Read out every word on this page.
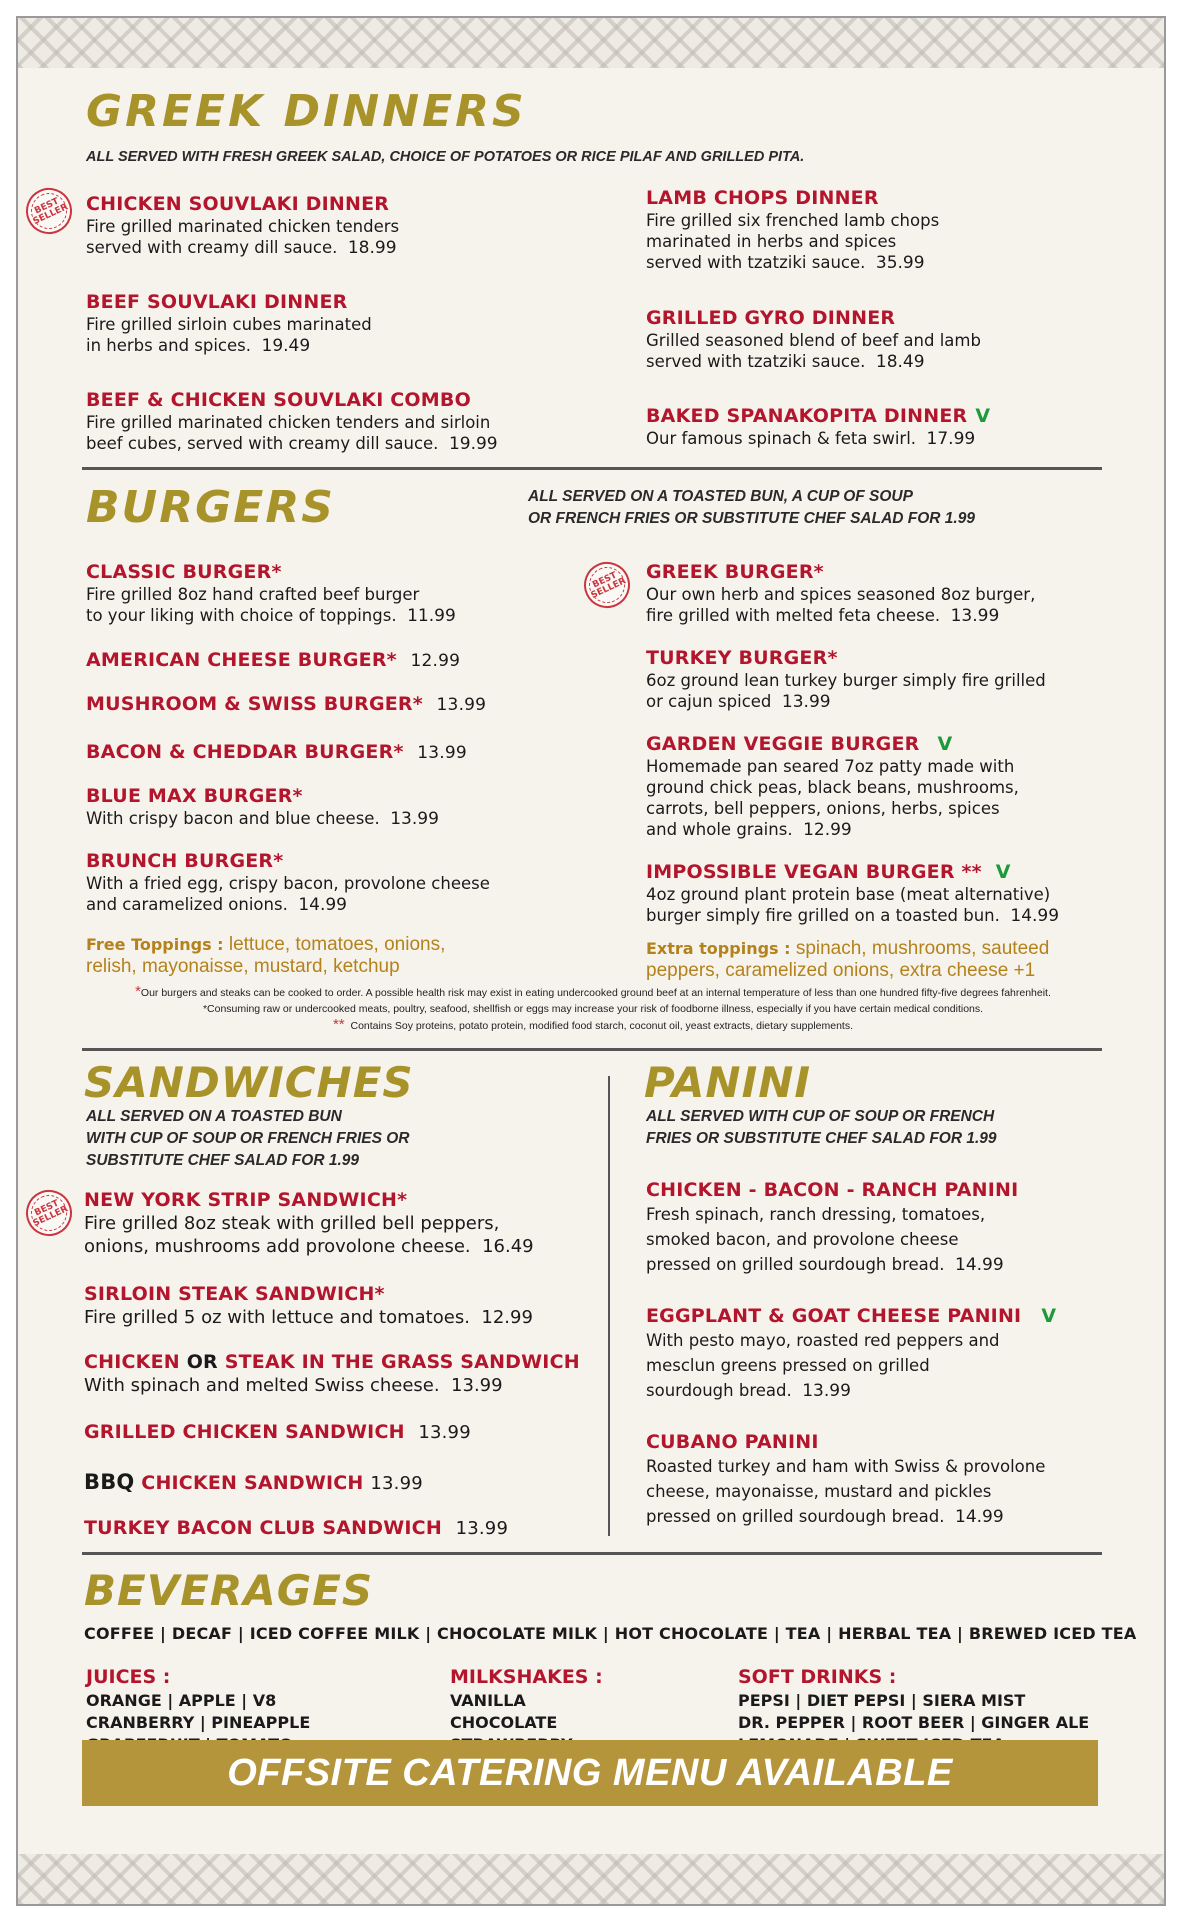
GREEK DINNERS
ALL SERVED WITH FRESH GREEK SALAD, CHOICE OF POTATOES OR RICE PILAF AND GRILLED PITA.
BEST SELLER CHICKEN SOUVLAKI DINNER
Fire grilled marinated chicken tenders
served with creamy dill sauce. 18.99
BEEF SOUVLAKI DINNER
Fire grilled sirloin cubes marinated
in herbs and spices. 19.49
BEEF & CHICKEN SOUVLAKI COMBO
Fire grilled marinated chicken tenders and sirloin
beef cubes, served with creamy dill sauce. 19.99
LAMB CHOPS DINNER
Fire grilled six frenched lamb chops
marinated in herbs and spices
served with tzatziki sauce. 35.99
GRILLED GYRO DINNER
Grilled seasoned blend of beef and lamb
served with tzatziki sauce. 18.49
BAKED SPANAKOPITA DINNER V
Our famous spinach & feta swirl. 17.99
BURGERS	ALL SERVED ON A TOASTED BUN, A CUP OF SOUP
OR FRENCH FRIES OR SUBSTITUTE CHEF SALAD FOR 1.99
CLASSIC BURGER*
Fire grilled 8oz hand crafted beef burger
to your liking with choice of toppings. 11.99
AMERICAN CHEESE BURGER* 12.99
MUSHROOM & SWISS BURGER* 13.99
BACON & CHEDDAR BURGER* 13.99
BLUE MAX BURGER*
With crispy bacon and blue cheese. 13.99
BRUNCH BURGER*
With a fried egg, crispy bacon, provolone cheese
and caramelized onions. 14.99
Free Toppings : lettuce, tomatoes, onions,
relish, mayonaisse, mustard, ketchup
BEST SELLER
GREEK BURGER*
Our own herb and spices seasoned 8oz burger,
fire grilled with melted feta cheese. 13.99
TURKEY BURGER*
6oz ground lean turkey burger simply fire grilled
or cajun spiced 13.99
GARDEN VEGGIE BURGER V
Homemade pan seared 7oz patty made with
ground chick peas, black beans, mushrooms,
carrots, bell peppers, onions, herbs, spices
and whole grains. 12.99
IMPOSSIBLE VEGAN BURGER ** V
4oz ground plant protein base (meat alternative)
burger simply fire grilled on a toasted bun. 14.99
Extra toppings : spinach, mushrooms, sauteed
peppers, caramelized onions, extra cheese +1
*Our burgers and steaks can be cooked to order. A possible health risk may exist in eating undercooked ground beef at an internal temperature of less than one hundred fifty-five degrees fahrenheit.
*Consuming raw or undercooked meats, poultry, seafood, shellfish or eggs may increase your risk of foodborne illness, especially if you have certain medical conditions.
** Contains Soy proteins, potato protein, modified food starch, coconut oil, yeast extracts, dietary supplements.
SANDWICHES
ALL SERVED ON A TOASTED BUN
WITH CUP OF SOUP OR FRENCH FRIES OR
SUBSTITUTE CHEF SALAD FOR 1.99
BEST SELLER
NEW YORK STRIP SANDWICH*
Fire grilled 8oz steak with grilled bell peppers,
onions, mushrooms add provolone cheese. 16.49
SIRLOIN STEAK SANDWICH*
Fire grilled 5 oz with lettuce and tomatoes. 12.99
CHICKEN OR STEAK IN THE GRASS SANDWICH
With spinach and melted Swiss cheese. 13.99
GRILLED CHICKEN SANDWICH 13.99
BBQ CHICKEN SANDWICH 13.99
TURKEY BACON CLUB SANDWICH 13.99
PANINI
ALL SERVED WITH CUP OF SOUP OR FRENCH
FRIES OR SUBSTITUTE CHEF SALAD FOR 1.99
CHICKEN - BACON - RANCH PANINI
Fresh spinach, ranch dressing, tomatoes,
smoked bacon, and provolone cheese
pressed on grilled sourdough bread. 14.99
EGGPLANT & GOAT CHEESE PANINI V
With pesto mayo, roasted red peppers and
mesclun greens pressed on grilled
sourdough bread. 13.99
CUBANO PANINI
Roasted turkey and ham with Swiss & provolone
cheese, mayonaisse, mustard and pickles
pressed on grilled sourdough bread. 14.99
BEVERAGES
COFFEE | DECAF | ICED COFFEE MILK | CHOCOLATE MILK | HOT CHOCOLATE | TEA | HERBAL TEA | BREWED ICED TEA
JUICES :
ORANGE | APPLE | V8
CRANBERRY | PINEAPPLE
MILKSHAKES :
VANILLA
CHOCOLATE
SOFT DRINKS :
PEPSI | DIET PEPSI | SIERA MIST
DR. PEPPER | ROOT BEER | GINGER ALE
OFFSITE CATERING MENU AVAILABLE
